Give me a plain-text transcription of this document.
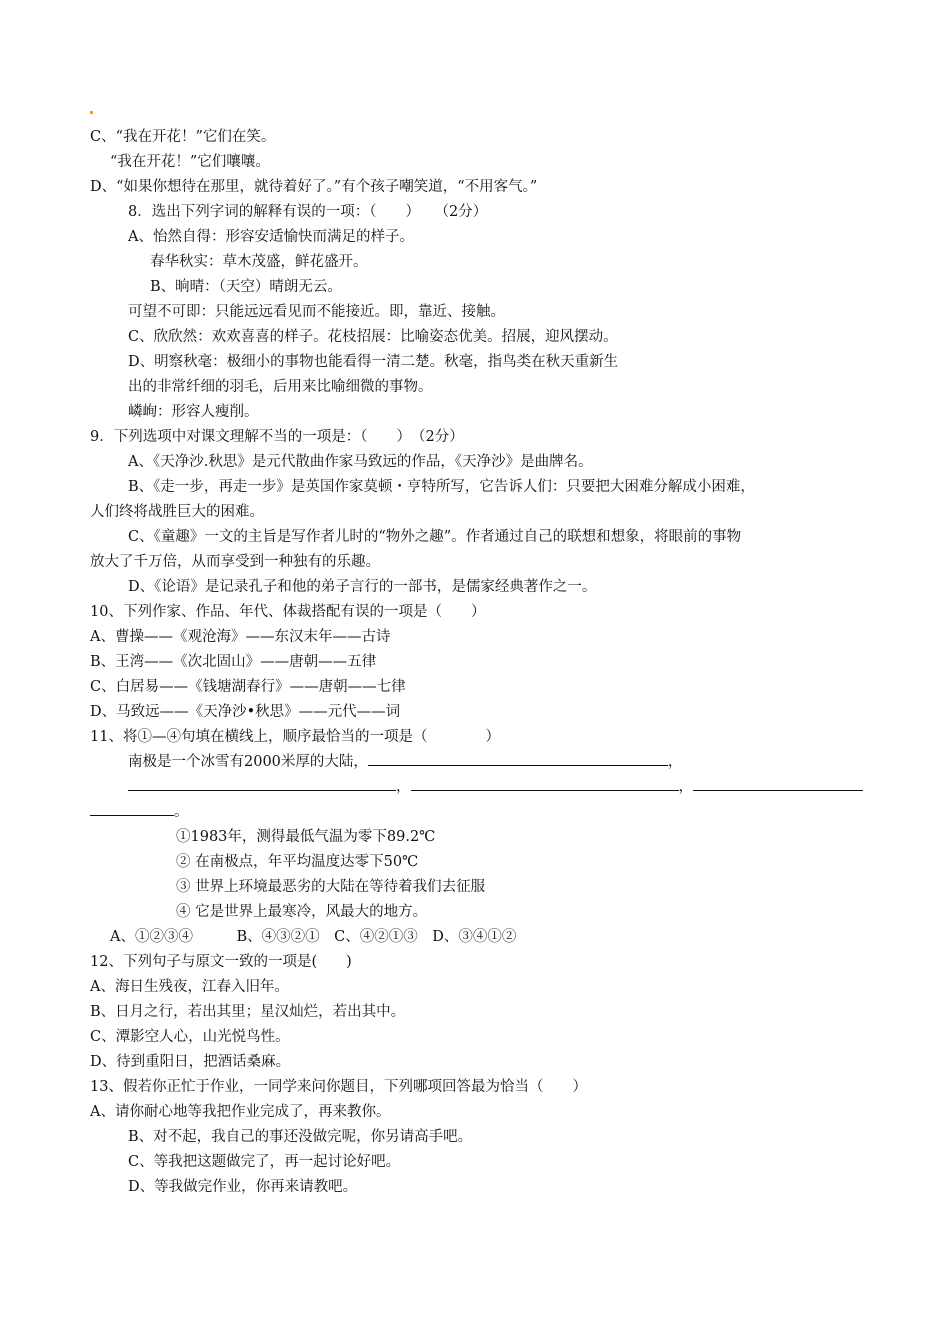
C、“我在开花！”它们在笑。
“我在开花！”它们嚷嚷。
D、“如果你想待在那里，就待着好了。”有个孩子嘲笑道，“不用客气。”
8．选出下列字词的解释有误的一项：（　　）　　（2分）
A、怡然自得：形容安适愉快而满足的样子。
春华秋实：草木茂盛，鲜花盛开。
B、晌晴：（天空）晴朗无云。
可望不可即：只能远远看见而不能接近。即，靠近、接触。
C、欣欣然：欢欢喜喜的样子。花枝招展：比喻姿态优美。招展，迎风摆动。
D、明察秋毫：极细小的事物也能看得一清二楚。秋毫，指鸟类在秋天重新生
出的非常纤细的羽毛，后用来比喻细微的事物。
嶙峋：形容人瘦削。
9．下列选项中对课文理解不当的一项是：（　　）　（2分）
A、《天净沙.秋思》是元代散曲作家马致远的作品，《天净沙》是曲牌名。
B、《走一步，再走一步》是英国作家莫顿・亨特所写，它告诉人们：只要把大困难分解成小困难，
人们终将战胜巨大的困难。
C、《童趣》一文的主旨是写作者儿时的“物外之趣”。作者通过自己的联想和想象，将眼前的事物
放大了千万倍，从而享受到一种独有的乐趣。
D、《论语》是记录孔子和他的弟子言行的一部书，是儒家经典著作之一。
10、下列作家、作品、年代、体裁搭配有误的一项是（　　）
A、曹操——《观沧海》——东汉末年——古诗
B、王湾——《次北固山》——唐朝——五律
C、白居易——《钱塘湖春行》——唐朝——七律
D、马致远——《天净沙•秋思》——元代——词
11、将①—④句填在横线上，顺序最恰当的一项是（　　　　）
南极是一个冰雪有2000米厚的大陆，	，
，	，
。
①1983年，测得最低气温为零下89.2℃
② 在南极点，年平均温度达零下50℃
③ 世界上环境最恶劣的大陆在等待着我们去征服
④ 它是世界上最寒冷，风最大的地方。
A、①②③④　　　B、④③②①　C、④②①③　D、③④①②
12、下列句子与原文一致的一项是(　　)
A、海日生残夜，江春入旧年。
B、日月之行，若出其里；星汉灿烂，若出其中。
C、潭影空人心，山光悦鸟性。
D、待到重阳日，把酒话桑麻。
13、假若你正忙于作业，一同学来问你题目，下列哪项回答最为恰当（　　）
A、请你耐心地等我把作业完成了，再来教你。
B、对不起，我自己的事还没做完呢，你另请高手吧。
C、等我把这题做完了，再一起讨论好吧。
D、等我做完作业，你再来请教吧。
